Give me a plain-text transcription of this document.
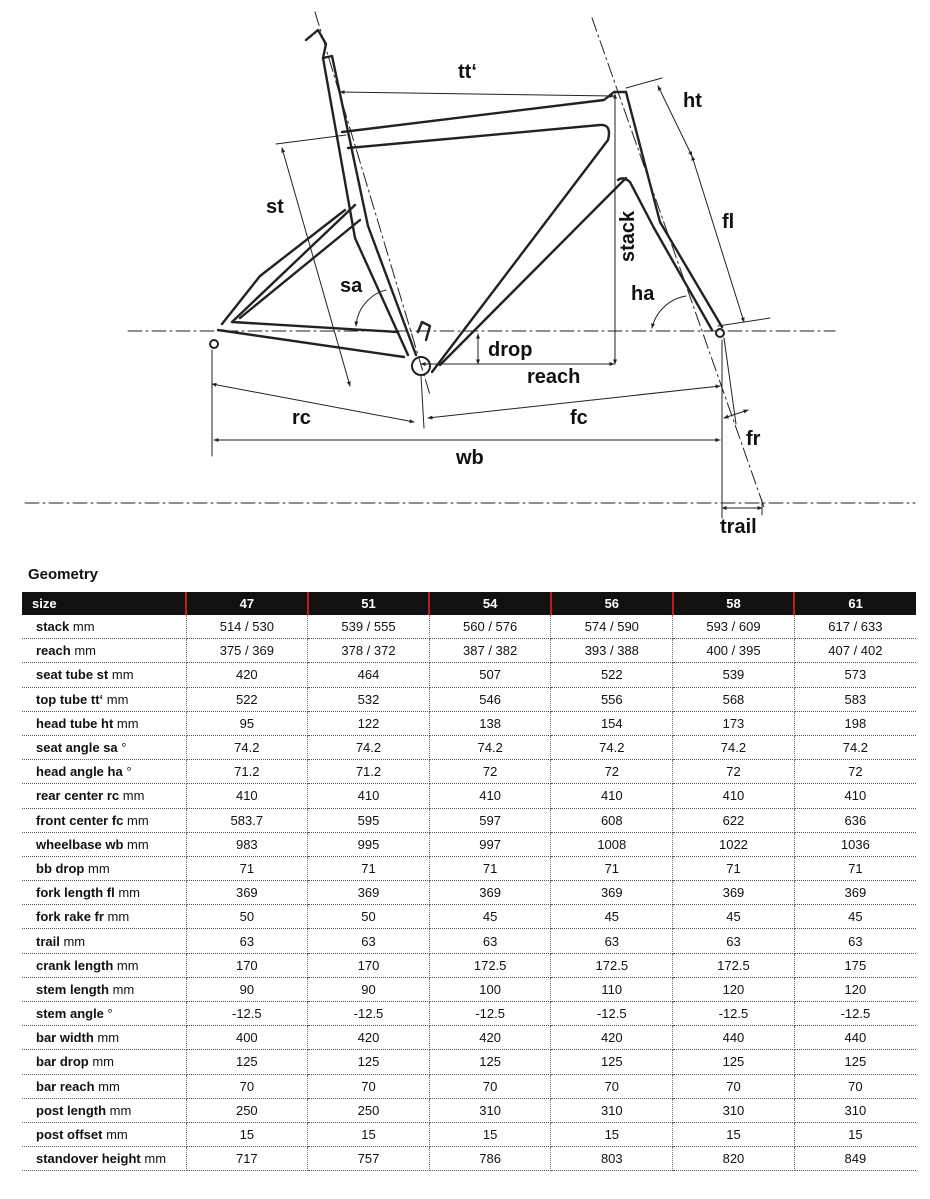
tt‘
ht
st
stack	fl
sa	ha
drop
reach
rc	fc
fr
wb
trail
Geometry
size	47	51	54	56	58	61
stack mm	514 / 530	539 / 555	560 / 576	574 / 590	593 / 609	617 / 633
reach mm	375 / 369	378 / 372	387 / 382	393 / 388	400 / 395	407 / 402
seat tube st mm	420	464	507	522	539	573
top tube tt‘ mm	522	532	546	556	568	583
head tube ht mm	95	122	138	154	173	198
seat angle sa °	74.2	74.2	74.2	74.2	74.2	74.2
head angle ha °	71.2	71.2	72	72	72	72
rear center rc mm	410	410	410	410	410	410
front center fc mm	583.7	595	597	608	622	636
wheelbase wb mm	983	995	997	1008	1022	1036
bb drop mm	71	71	71	71	71	71
fork length fl mm	369	369	369	369	369	369
fork rake fr mm	50	50	45	45	45	45
trail mm	63	63	63	63	63	63
crank length mm	170	170	172.5	172.5	172.5	175
stem length mm	90	90	100	110	120	120
stem angle °	-12.5	-12.5	-12.5	-12.5	-12.5	-12.5
bar width mm	400	420	420	420	440	440
bar drop mm	125	125	125	125	125	125
bar reach mm	70	70	70	70	70	70
post length mm	250	250	310	310	310	310
post offset mm	15	15	15	15	15	15
standover height mm	717	757	786	803	820	849
